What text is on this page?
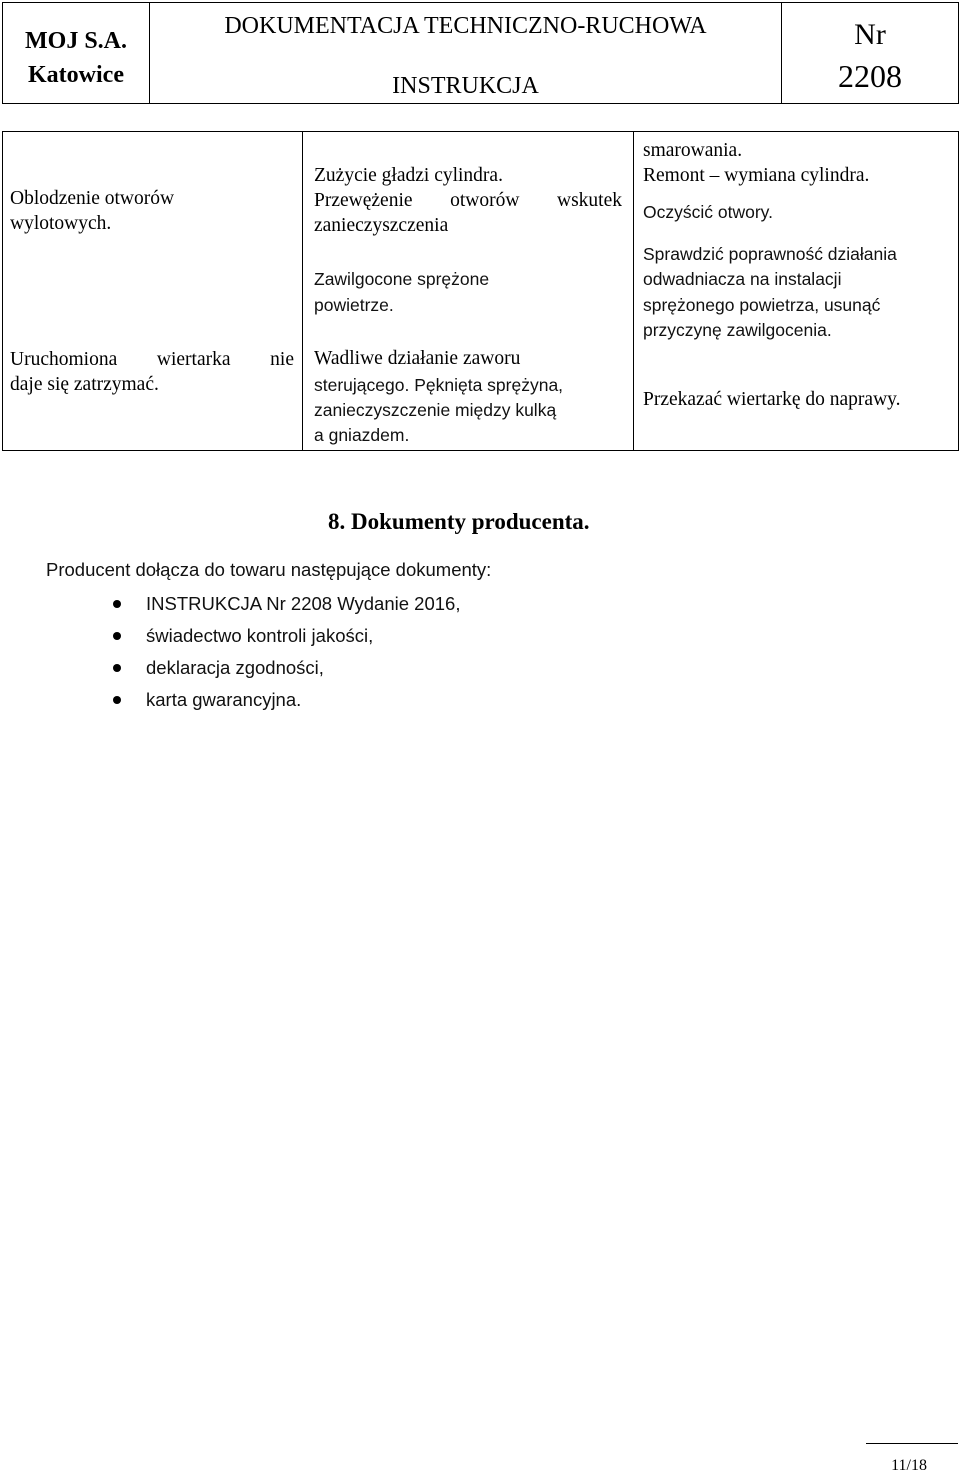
MOJ S.A.
Katowice
DOKUMENTACJA TECHNICZNO-RUCHOWA
INSTRUKCJA
Nr
2208
Oblodzenie otworów
wylotowych.
Uruchomiona wiertarka nie
daje się zatrzymać.
Zużycie gładzi cylindra.
Przewężenie otworów wskutek
zanieczyszczenia
Zawilgocone sprężone
powietrze.
Wadliwe działanie zaworu
sterującego. Pęknięta sprężyna,
zanieczyszczenie między kulką
a gniazdem.
smarowania.
Remont – wymiana cylindra.
Oczyścić otwory.
Sprawdzić poprawność działania
odwadniacza na instalacji
sprężonego powietrza, usunąć
przyczynę zawilgocenia.
Przekazać wiertarkę do naprawy.
8. Dokumenty producenta.
Producent dołącza do towaru następujące dokumenty:
INSTRUKCJA Nr 2208 Wydanie 2016,
świadectwo kontroli jakości,
deklaracja zgodności,
karta gwarancyjna.
11/18
